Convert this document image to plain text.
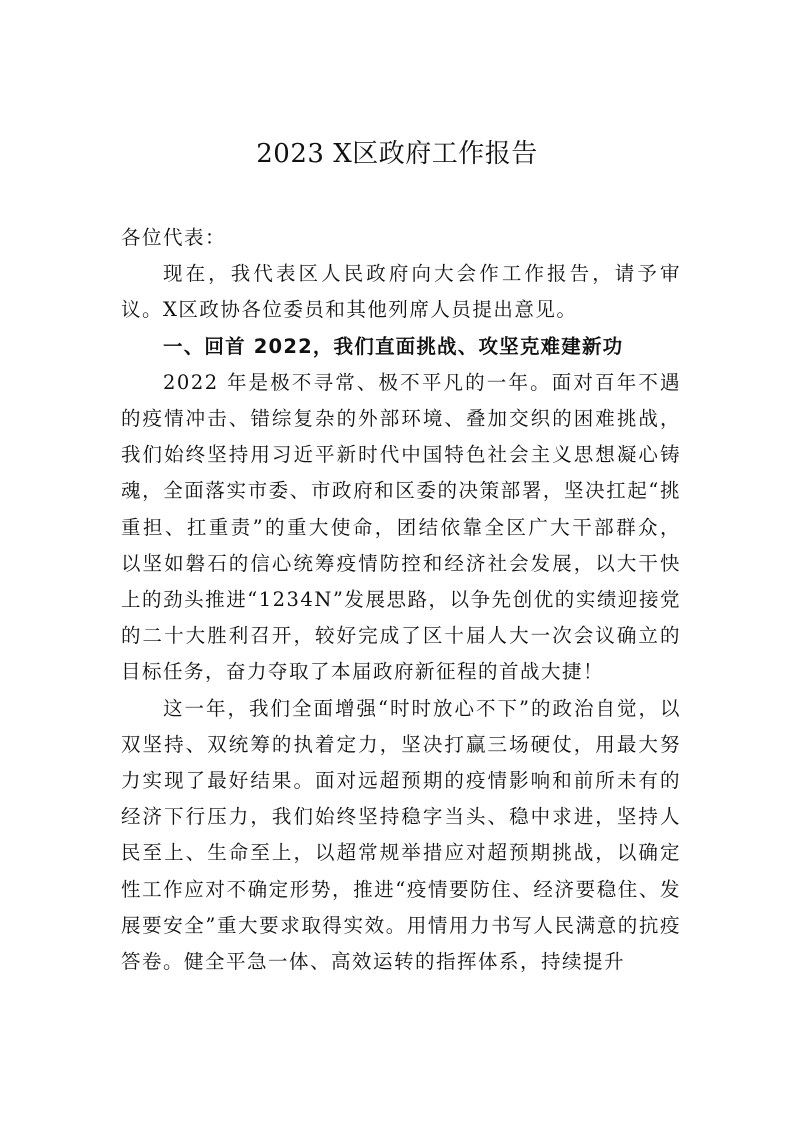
2023 X区政府工作报告

各位代表：

现在，我代表区人民政府向大会作工作报告，请予审议。X区政协各位委员和其他列席人员提出意见。

一、回首 2022，我们直面挑战、攻坚克难建新功

2022 年是极不寻常、极不平凡的一年。面对百年不遇的疫情冲击、错综复杂的外部环境、叠加交织的困难挑战，我们始终坚持用习近平新时代中国特色社会主义思想凝心铸魂，全面落实市委、市政府和区委的决策部署，坚决扛起“挑重担、扛重责”的重大使命，团结依靠全区广大干部群众， 以坚如磐石的信心统筹疫情防控和经济社会发展，以大干快上的劲头推进“1234N”发展思路，以争先创优的实绩迎接党的二十大胜利召开，较好完成了区十届人大一次会议确立的目标任务，奋力夺取了本届政府新征程的首战大捷！

这一年，我们全面增强“时时放心不下”的政治自觉，以双坚持、双统筹的执着定力，坚决打赢三场硬仗，用最大努力实现了最好结果。面对远超预期的疫情影响和前所未有的经济下行压力，我们始终坚持稳字当头、稳中求进，坚持人民至上、生命至上，以超常规举措应对超预期挑战，以确定性工作应对不确定形势，推进“疫情要防住、经济要稳住、发展要安全”重大要求取得实效。用情用力书写人民满意的抗疫答卷。健全平急一体、高效运转的指挥体系，持续提升
